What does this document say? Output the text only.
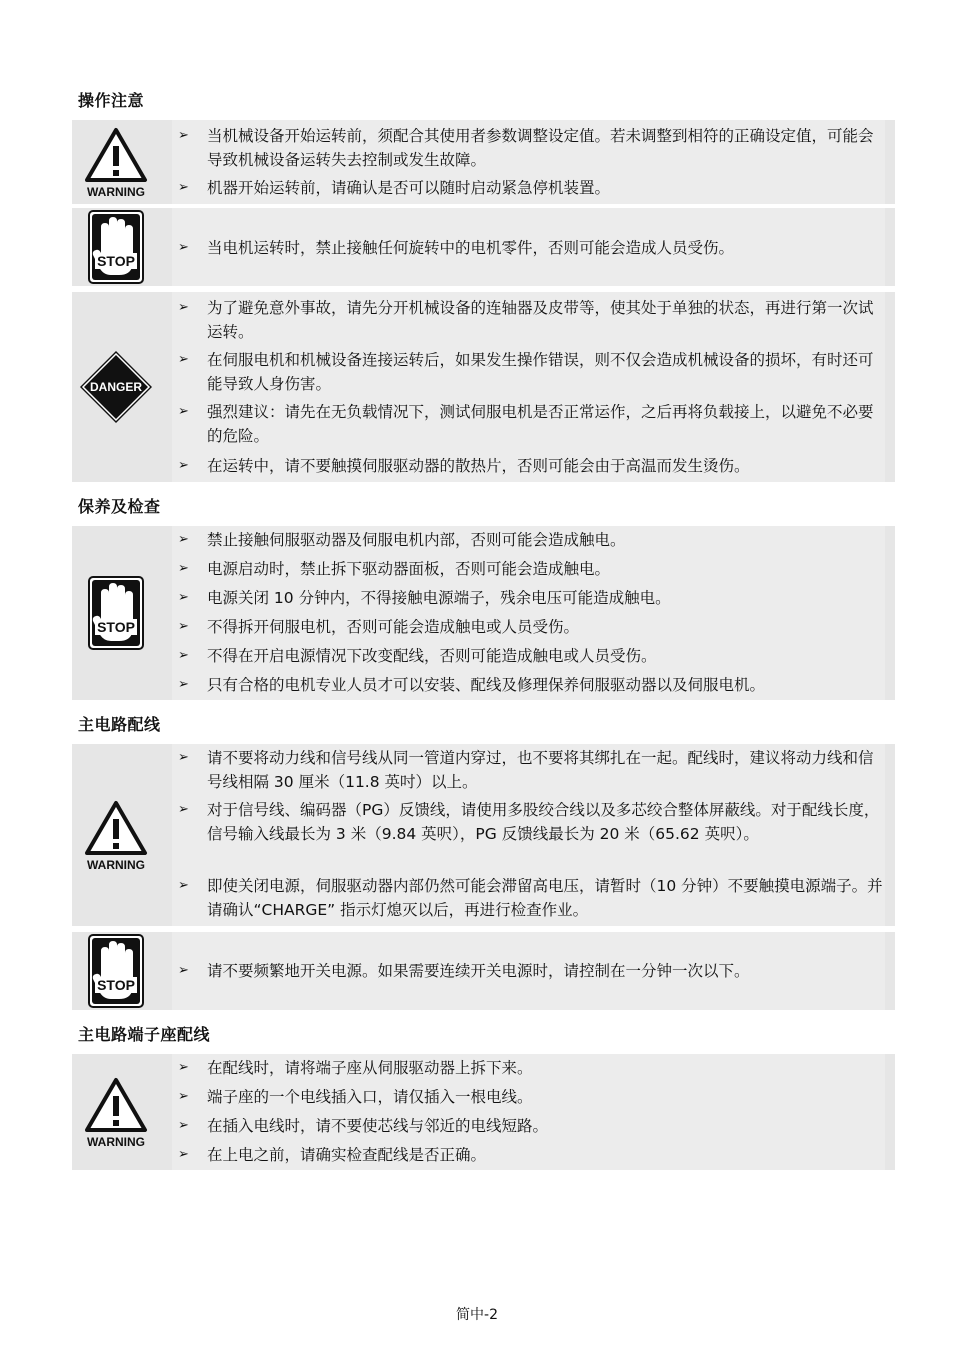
操作注意
WARNING
➢ 当机械设备开始运转前，须配合其使用者参数调整设定值。若未调整到相符的正确设定值，可能会导致机械设备运转失去控制或发生故障。
➢ 机器开始运转前，请确认是否可以随时启动紧急停机装置。
STOP
➢ 当电机运转时，禁止接触任何旋转中的电机零件，否则可能会造成人员受伤。
DANGER
➢ 为了避免意外事故，请先分开机械设备的连轴器及皮带等，使其处于单独的状态，再进行第一次试运转。
➢ 在伺服电机和机械设备连接运转后，如果发生操作错误，则不仅会造成机械设备的损坏，有时还可能导致人身伤害。
➢ 强烈建议：请先在无负载情况下，测试伺服电机是否正常运作，之后再将负载接上，以避免不必要的危险。
➢ 在运转中，请不要触摸伺服驱动器的散热片，否则可能会由于高温而发生烫伤。
保养及检查
STOP
➢ 禁止接触伺服驱动器及伺服电机内部，否则可能会造成触电。
➢ 电源启动时，禁止拆下驱动器面板，否则可能会造成触电。
➢ 电源关闭 10 分钟内，不得接触电源端子，残余电压可能造成触电。
➢ 不得拆开伺服电机，否则可能会造成触电或人员受伤。
➢ 不得在开启电源情况下改变配线，否则可能造成触电或人员受伤。
➢ 只有合格的电机专业人员才可以安装、配线及修理保养伺服驱动器以及伺服电机。
主电路配线
WARNING
➢ 请不要将动力线和信号线从同一管道内穿过，也不要将其绑扎在一起。配线时，建议将动力线和信号线相隔 30 厘米（11.8 英吋）以上。
➢ 对于信号线、编码器（PG）反馈线，请使用多股绞合线以及多芯绞合整体屏蔽线。对于配线长度，信号输入线最长为 3 米（9.84 英呎），PG 反馈线最长为 20 米（65.62 英呎）。
➢ 即使关闭电源，伺服驱动器内部仍然可能会滞留高电压，请暂时（10 分钟）不要触摸电源端子。并请确认“CHARGE” 指示灯熄灭以后，再进行检查作业。
STOP
➢ 请不要频繁地开关电源。如果需要连续开关电源时，请控制在一分钟一次以下。
主电路端子座配线
WARNING
➢ 在配线时，请将端子座从伺服驱动器上拆下来。
➢ 端子座的一个电线插入口，请仅插入一根电线。
➢ 在插入电线时，请不要使芯线与邻近的电线短路。
➢ 在上电之前，请确实检查配线是否正确。
简中-2
